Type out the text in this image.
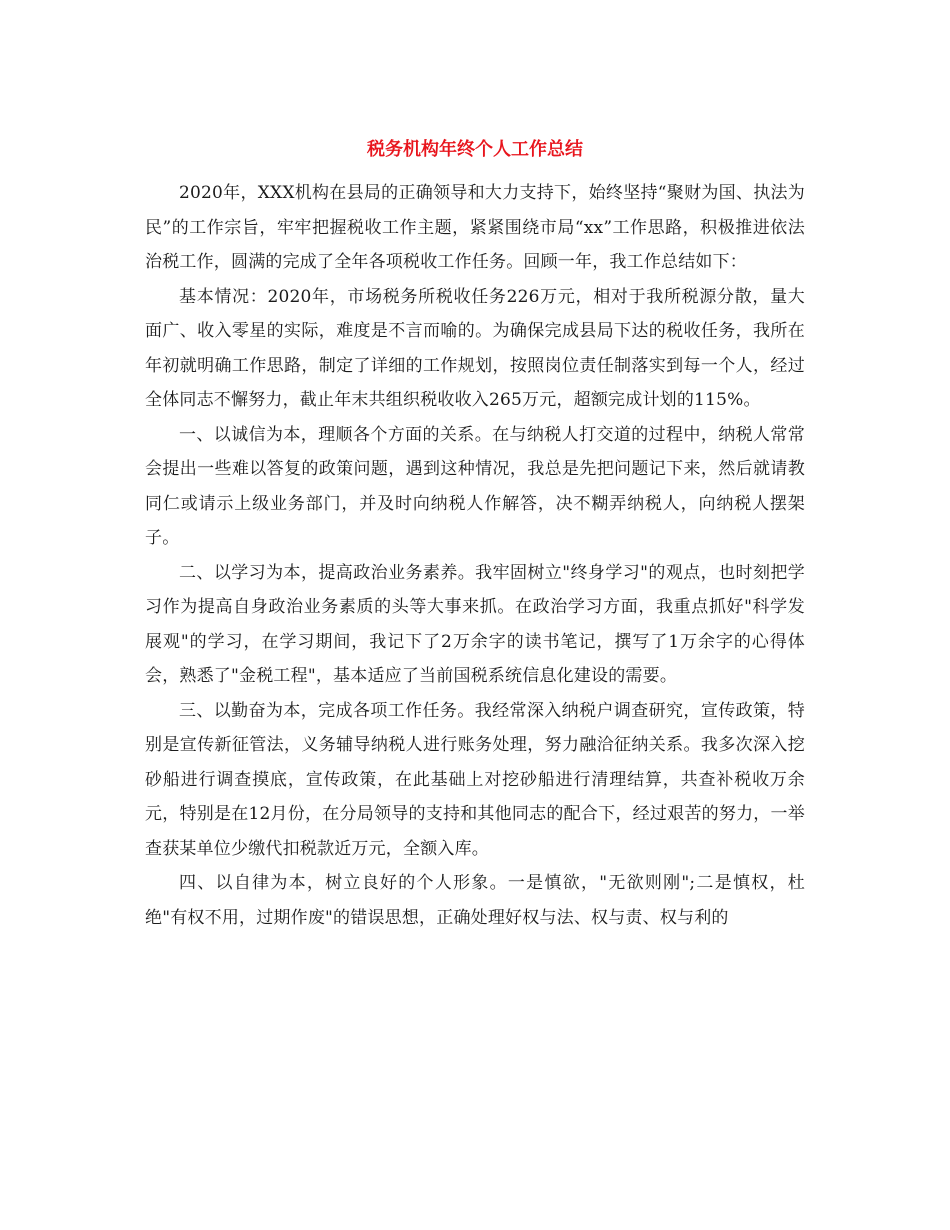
税务机构年终个人工作总结

2020年，XXX机构在县局的正确领导和大力支持下，始终坚持“聚财为国、执法为民”的工作宗旨，牢牢把握税收工作主题，紧紧围绕市局“xx”工作思路，积极推进依法治税工作，圆满的完成了全年各项税收工作任务。回顾一年，我工作总结如下：

基本情况：2020年，市场税务所税收任务226万元，相对于我所税源分散，量大面广、收入零星的实际，难度是不言而喻的。为确保完成县局下达的税收任务，我所在年初就明确工作思路，制定了详细的工作规划，按照岗位责任制落实到每一个人，经过全体同志不懈努力，截止年末共组织税收收入265万元，超额完成计划的115%。

一、以诚信为本，理顺各个方面的关系。在与纳税人打交道的过程中，纳税人常常会提出一些难以答复的政策问题，遇到这种情况，我总是先把问题记下来，然后就请教同仁或请示上级业务部门，并及时向纳税人作解答，决不糊弄纳税人，向纳税人摆架子。

二、以学习为本，提高政治业务素养。我牢固树立"终身学习"的观点，也时刻把学习作为提高自身政治业务素质的头等大事来抓。在政治学习方面，我重点抓好"科学发展观"的学习，在学习期间，我记下了2万余字的读书笔记，撰写了1万余字的心得体会，熟悉了"金税工程"，基本适应了当前国税系统信息化建设的需要。

三、以勤奋为本，完成各项工作任务。我经常深入纳税户调查研究，宣传政策，特别是宣传新征管法，义务辅导纳税人进行账务处理，努力融洽征纳关系。我多次深入挖砂船进行调查摸底，宣传政策，在此基础上对挖砂船进行清理结算，共查补税收万余元，特别是在12月份，在分局领导的支持和其他同志的配合下，经过艰苦的努力，一举查获某单位少缴代扣税款近万元，全额入库。

四、以自律为本，树立良好的个人形象。一是慎欲，"无欲则刚";二是慎权，杜绝"有权不用，过期作废"的错误思想，正确处理好权与法、权与责、权与利的
